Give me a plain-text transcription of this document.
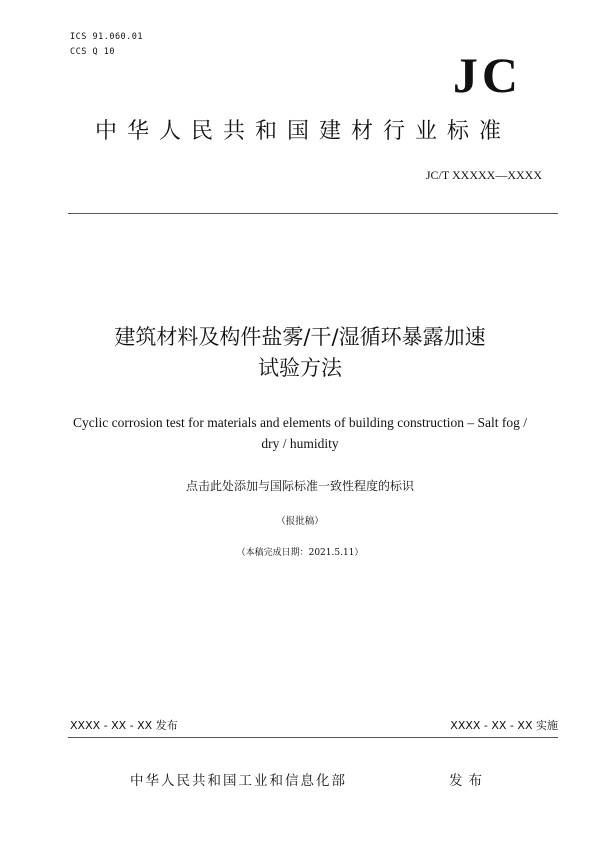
ICS 91.060.01
CCS Q 10	JC
中华人民共和国建材行业标准
JC/T XXXXX—XXXX
建筑材料及构件盐雾/干/湿循环暴露加速
试验方法
Cyclic corrosion test for materials and elements of building construction – Salt fog /
dry / humidity
点击此处添加与国际标准一致性程度的标识
（报批稿）
（本稿完成日期：2021.5.11）
XXXX - XX - XX 发布	XXXX - XX - XX 实施
中华人民共和国工业和信息化部	发布
